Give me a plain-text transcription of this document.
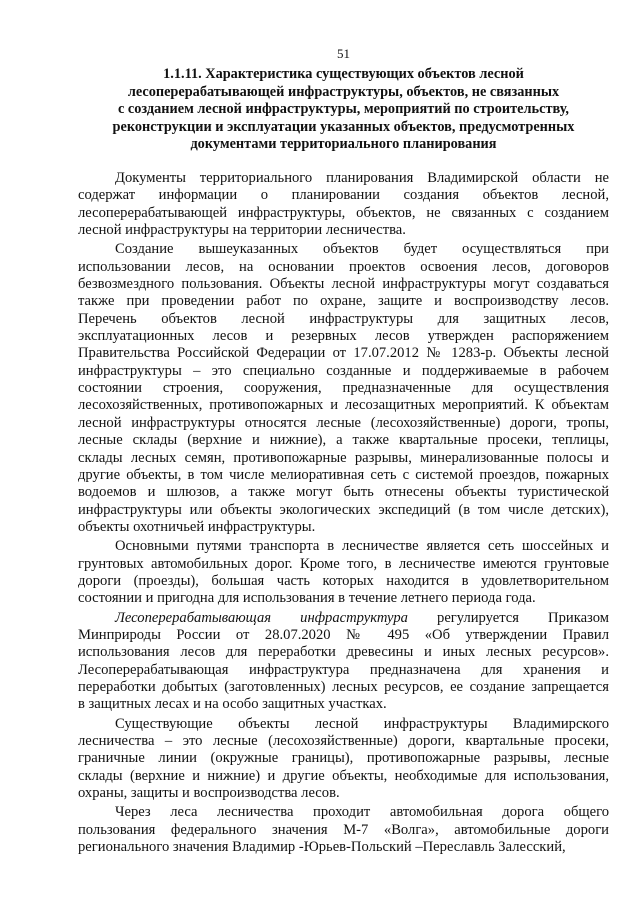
51
1.1.11. Характеристика существующих объектов лесной
лесоперерабатывающей инфраструктуры, объектов, не связанных
с созданием лесной инфраструктуры, мероприятий по строительству,
реконструкции и эксплуатации указанных объектов, предусмотренных
документами территориального планирования
Документы территориального планирования Владимирской области не
содержат информации о планировании создания объектов лесной,
лесоперерабатывающей инфраструктуры, объектов, не связанных с созданием
лесной инфраструктуры на территории лесничества.
Создание вышеуказанных объектов будет осуществляться при
использовании лесов, на основании проектов освоения лесов, договоров
безвозмездного пользования. Объекты лесной инфраструктуры могут создаваться
также при проведении работ по охране, защите и воспроизводству лесов.
Перечень объектов лесной инфраструктуры для защитных лесов,
эксплуатационных лесов и резервных лесов утвержден распоряжением
Правительства Российской Федерации от 17.07.2012 № 1283-р. Объекты лесной
инфраструктуры – это специально созданные и поддерживаемые в рабочем
состоянии строения, сооружения, предназначенные для осуществления
лесохозяйственных, противопожарных и лесозащитных мероприятий. К объектам
лесной инфраструктуры относятся лесные (лесохозяйственные) дороги, тропы,
лесные склады (верхние и нижние), а также квартальные просеки, теплицы,
склады лесных семян, противопожарные разрывы, минерализованные полосы и
другие объекты, в том числе мелиоративная сеть с системой проездов, пожарных
водоемов и шлюзов, а также могут быть отнесены объекты туристической
инфраструктуры или объекты экологических экспедиций (в том числе детских),
объекты охотничьей инфраструктуры.
Основными путями транспорта в лесничестве является сеть шоссейных и
грунтовых автомобильных дорог. Кроме того, в лесничестве имеются грунтовые
дороги (проезды), большая часть которых находится в удовлетворительном
состоянии и пригодна для использования в течение летнего периода года.
Лесоперерабатывающая инфраструктура регулируется Приказом
Минприроды России от 28.07.2020 № 495 «Об утверждении Правил
использования лесов для переработки древесины и иных лесных ресурсов».
Лесоперерабатывающая инфраструктура предназначена для хранения и
переработки добытых (заготовленных) лесных ресурсов, ее создание запрещается
в защитных лесах и на особо защитных участках.
Существующие объекты лесной инфраструктуры Владимирского
лесничества – это лесные (лесохозяйственные) дороги, квартальные просеки,
граничные линии (окружные границы), противопожарные разрывы, лесные
склады (верхние и нижние) и другие объекты, необходимые для использования,
охраны, защиты и воспроизводства лесов.
Через леса лесничества проходит автомобильная дорога общего
пользования федерального значения М-7 «Волга», автомобильные дороги
регионального значения Владимир -Юрьев-Польский –Переславль Залесский,
